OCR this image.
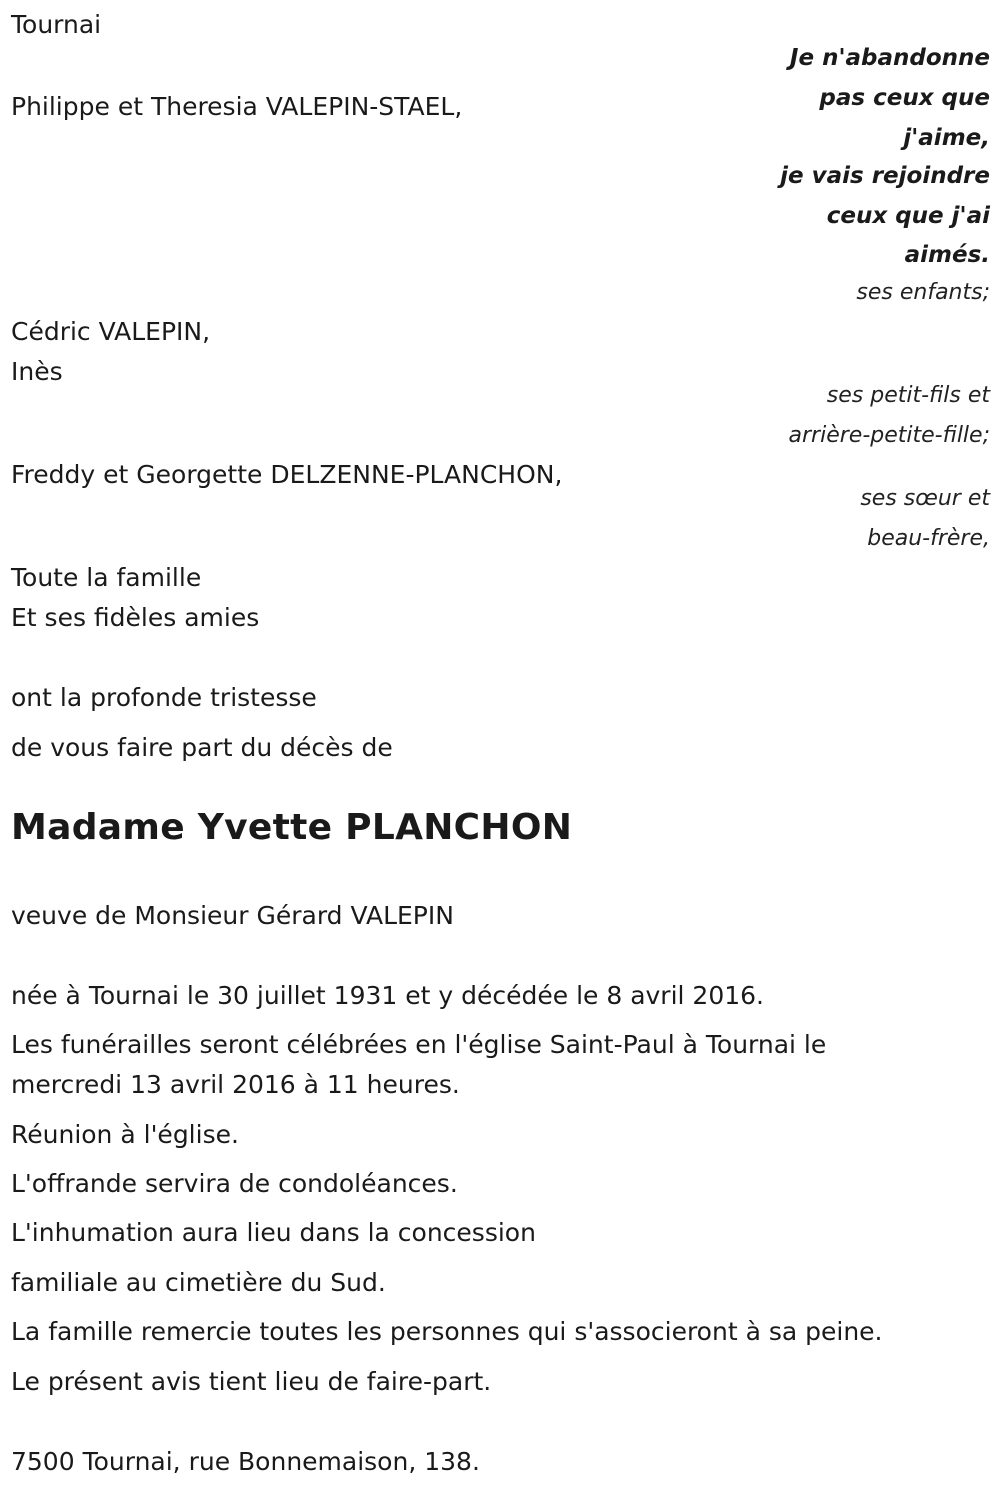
Tournai

Je n'abandonne

pas ceux que

j'aime,

je vais rejoindre

ceux que j'ai

aimés.

Philippe et Theresia VALEPIN-STAEL,

ses enfants;

Cédric VALEPIN,

Inès

ses petit-fils et

arrière-petite-fille;

Freddy et Georgette DELZENNE-PLANCHON,

ses sœur et

beau-frère,

Toute la famille

Et ses fidèles amies

ont la profonde tristesse

de vous faire part du décès de

Madame Yvette PLANCHON

veuve de Monsieur Gérard VALEPIN

née à Tournai le 30 juillet 1931 et y décédée le 8 avril 2016.

Les funérailles seront célébrées en l'église Saint-Paul à Tournai le

mercredi 13 avril 2016 à 11 heures.

Réunion à l'église.

L'offrande servira de condoléances.

L'inhumation aura lieu dans la concession

familiale au cimetière du Sud.

La famille remercie toutes les personnes qui s'associeront à sa peine.

Le présent avis tient lieu de faire-part.

7500 Tournai, rue Bonnemaison, 138.
